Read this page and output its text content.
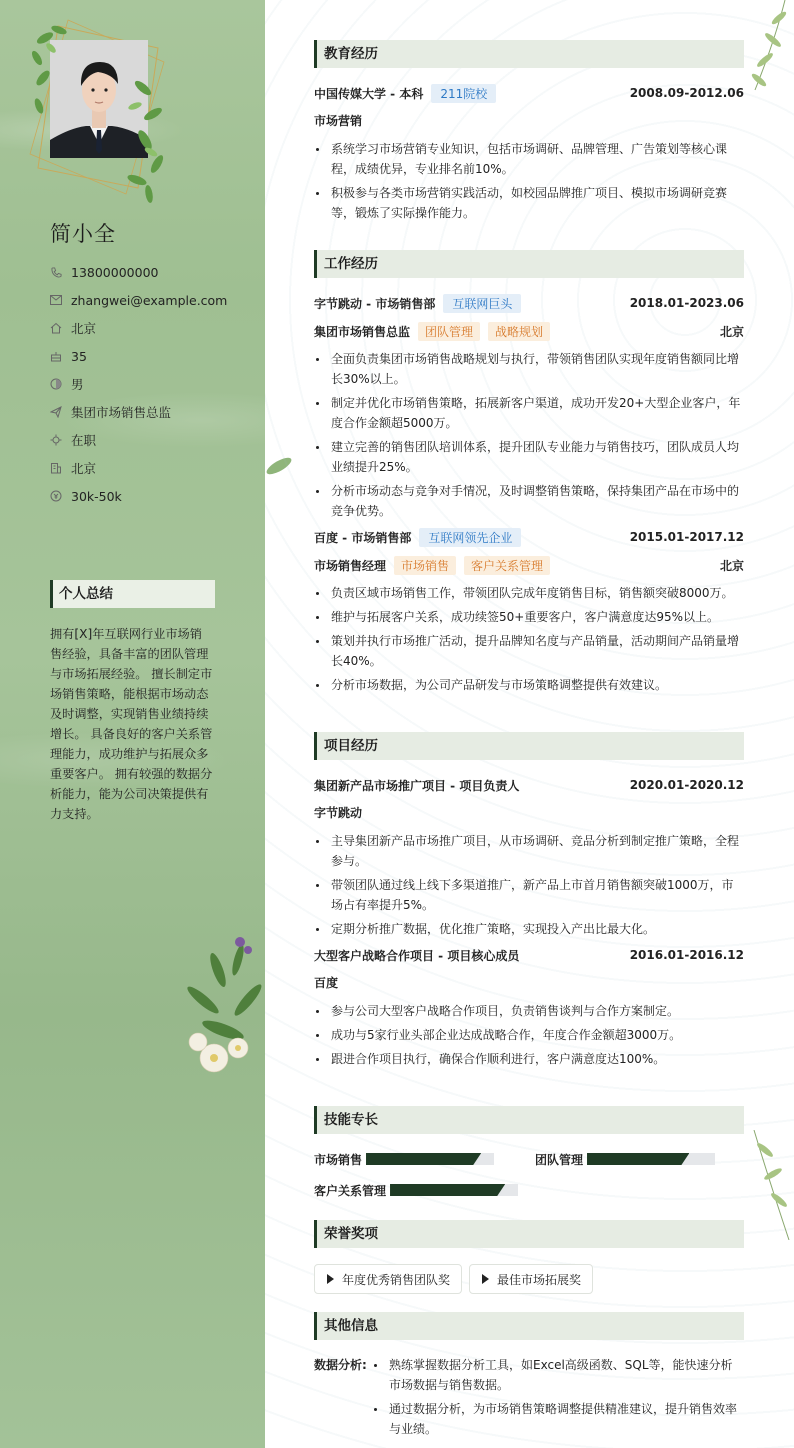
简小全
13800000000
zhangwei@example.com
北京
35
男
集团市场销售总监
在职
北京
30k-50k
个人总结
拥有[X]年互联网行业市场销售经验，具备丰富的团队管理与市场拓展经验。 擅长制定市场销售策略，能根据市场动态及时调整，实现销售业绩持续增长。 具备良好的客户关系管理能力，成功维护与拓展众多重要客户。 拥有较强的数据分析能力，能为公司决策提供有力支持。
教育经历
中国传媒大学 - 本科	211院校	2008.09-2012.06
市场营销
系统学习市场营销专业知识，包括市场调研、品牌管理、广告策划等核心课程，成绩优异，专业排名前10%。
积极参与各类市场营销实践活动，如校园品牌推广项目、模拟市场调研竞赛等，锻炼了实际操作能力。
工作经历
字节跳动 - 市场销售部	互联网巨头	2018.01-2023.06
集团市场销售总监	团队管理	战略规划	北京
全面负责集团市场销售战略规划与执行，带领销售团队实现年度销售额同比增长30%以上。
制定并优化市场销售策略，拓展新客户渠道，成功开发20+大型企业客户，年度合作金额超5000万。
建立完善的销售团队培训体系，提升团队专业能力与销售技巧，团队成员人均业绩提升25%。
分析市场动态与竞争对手情况，及时调整销售策略，保持集团产品在市场中的竞争优势。
百度 - 市场销售部	互联网领先企业	2015.01-2017.12
市场销售经理	市场销售	客户关系管理	北京
负责区域市场销售工作，带领团队完成年度销售目标，销售额突破8000万。
维护与拓展客户关系，成功续签50+重要客户，客户满意度达95%以上。
策划并执行市场推广活动，提升品牌知名度与产品销量，活动期间产品销量增长40%。
分析市场数据，为公司产品研发与市场策略调整提供有效建议。
项目经历
集团新产品市场推广项目 - 项目负责人	2020.01-2020.12
字节跳动
主导集团新产品市场推广项目，从市场调研、竞品分析到制定推广策略，全程参与。
带领团队通过线上线下多渠道推广，新产品上市首月销售额突破1000万，市场占有率提升5%。
定期分析推广数据，优化推广策略，实现投入产出比最大化。
大型客户战略合作项目 - 项目核心成员	2016.01-2016.12
百度
参与公司大型客户战略合作项目，负责销售谈判与合作方案制定。
成功与5家行业头部企业达成战略合作，年度合作金额超3000万。
跟进合作项目执行，确保合作顺利进行，客户满意度达100%。
技能专长
市场销售	团队管理
客户关系管理
荣誉奖项
年度优秀销售团队奖	最佳市场拓展奖
其他信息
数据分析:	熟练掌握数据分析工具，如Excel高级函数、SQL等，能快速分析市场数据与销售数据。
通过数据分析，为市场销售策略调整提供精准建议，提升销售效率与业绩。
